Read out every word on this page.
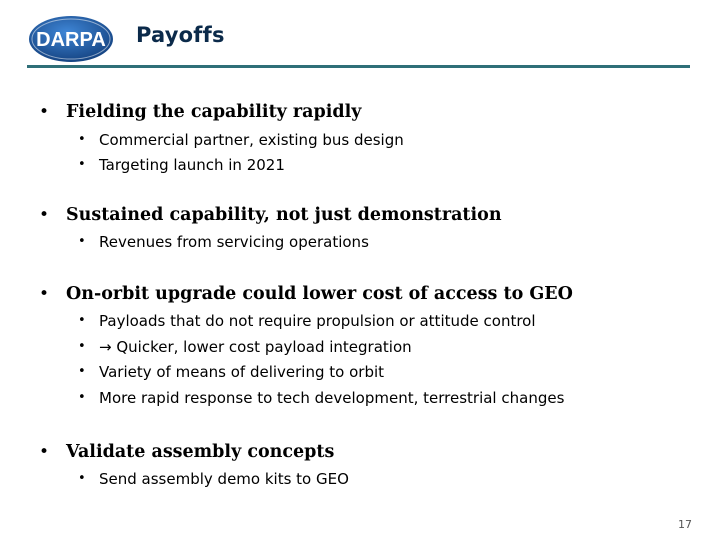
DARPA Payoffs
• Fielding the capability rapidly
• Commercial partner, existing bus design
• Targeting launch in 2021
• Sustained capability, not just demonstration
• Revenues from servicing operations
• On-orbit upgrade could lower cost of access to GEO
• Payloads that do not require propulsion or attitude control
• → Quicker, lower cost payload integration
• Variety of means of delivering to orbit
• More rapid response to tech development, terrestrial changes
• Validate assembly concepts
• Send assembly demo kits to GEO
17
